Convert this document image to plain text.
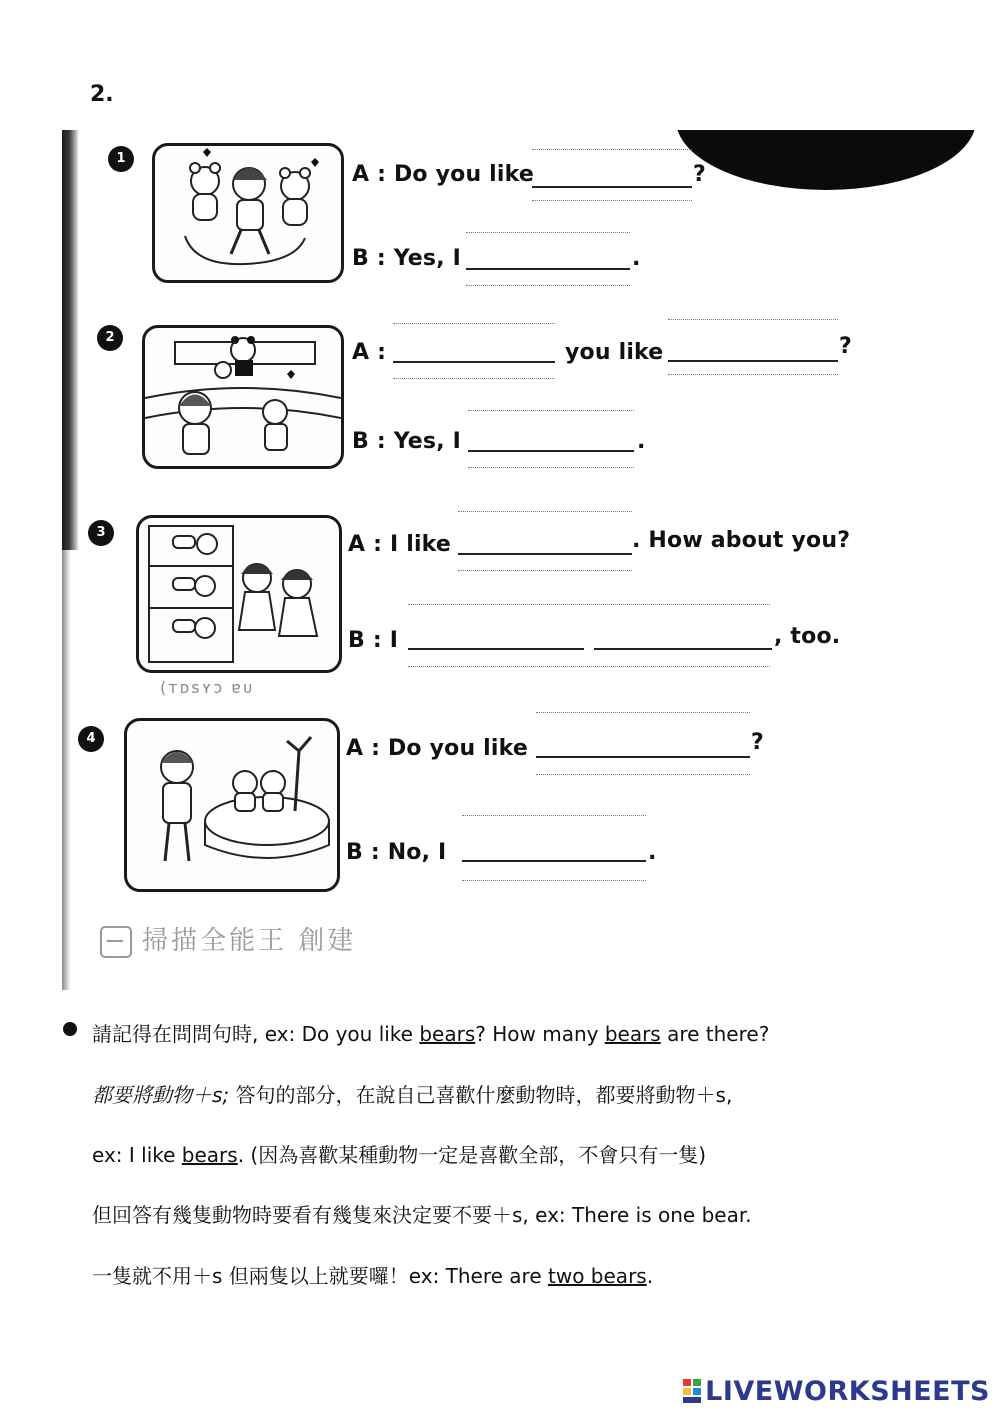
2.
1
A : Do you like	?
B : Yes, I	.
2
A :	you like	?
B : Yes, I	.
3	A : I like	. How about you?
B : I	, too.
(ᴛᴅsʏɔ ɐᴜ
4	A : Do you like	?
B : No, I	.
掃描全能王 創建
請記得在問問句時, ex: Do you like bears? How many bears are there?
都要將動物＋s; 答句的部分，在說自己喜歡什麼動物時，都要將動物＋s,
ex: I like bears. (因為喜歡某種動物一定是喜歡全部，不會只有一隻)
但回答有幾隻動物時要看有幾隻來決定要不要＋s, ex: There is one bear.
一隻就不用＋s 但兩隻以上就要囉！ex: There are two bears.
LIVEWORKSHEETS
